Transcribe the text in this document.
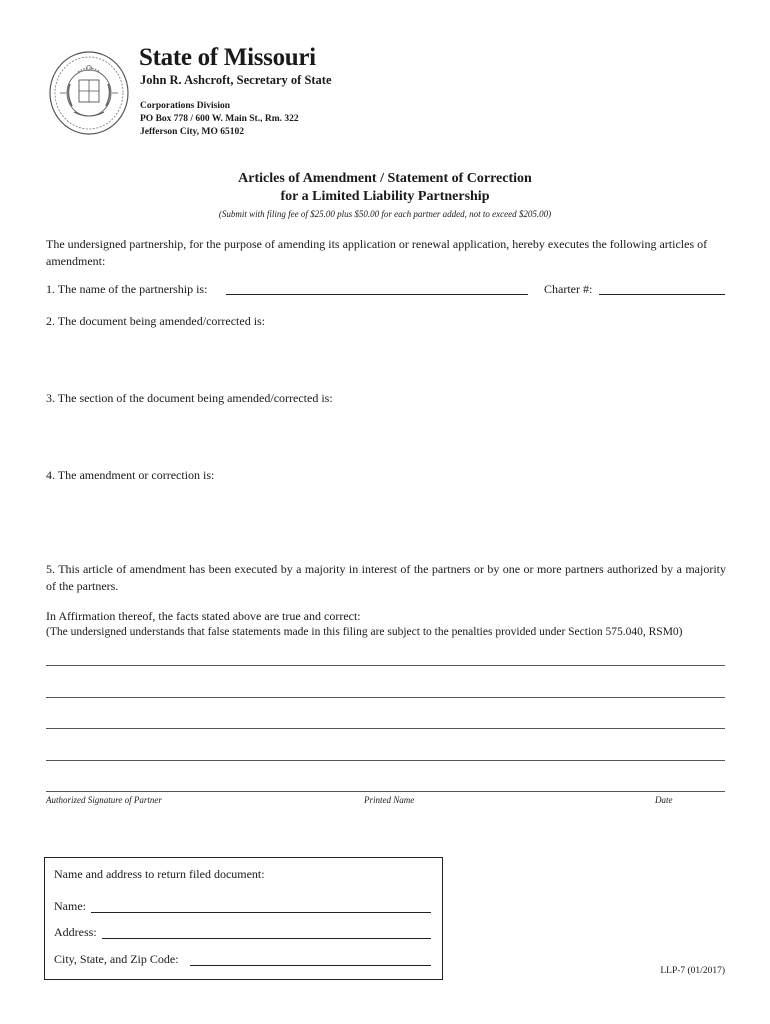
State of Missouri
John R. Ashcroft, Secretary of State
Corporations Division
PO Box 778 / 600 W. Main St., Rm. 322
Jefferson City, MO 65102
Articles of Amendment / Statement of Correction
for a Limited Liability Partnership
(Submit with filing fee of $25.00 plus $50.00 for each partner added, not to exceed $205.00)
The undersigned partnership, for the purpose of amending its application or renewal application, hereby executes the following articles of amendment:
1. The name of the partnership is:	Charter #:
2. The document being amended/corrected is:
3. The section of the document being amended/corrected is:
4. The amendment or correction is:
5. This article of amendment has been executed by a majority in interest of the partners or by one or more partners authorized by a majority of the partners.
In Affirmation thereof, the facts stated above are true and correct:
(The undersigned understands that false statements made in this filing are subject to the penalties provided under Section 575.040, RSM0)
Authorized Signature of Partner	Printed Name	Date
Name and address to return filed document:
Name:
Address:
City, State, and Zip Code:
LLP-7 (01/2017)
